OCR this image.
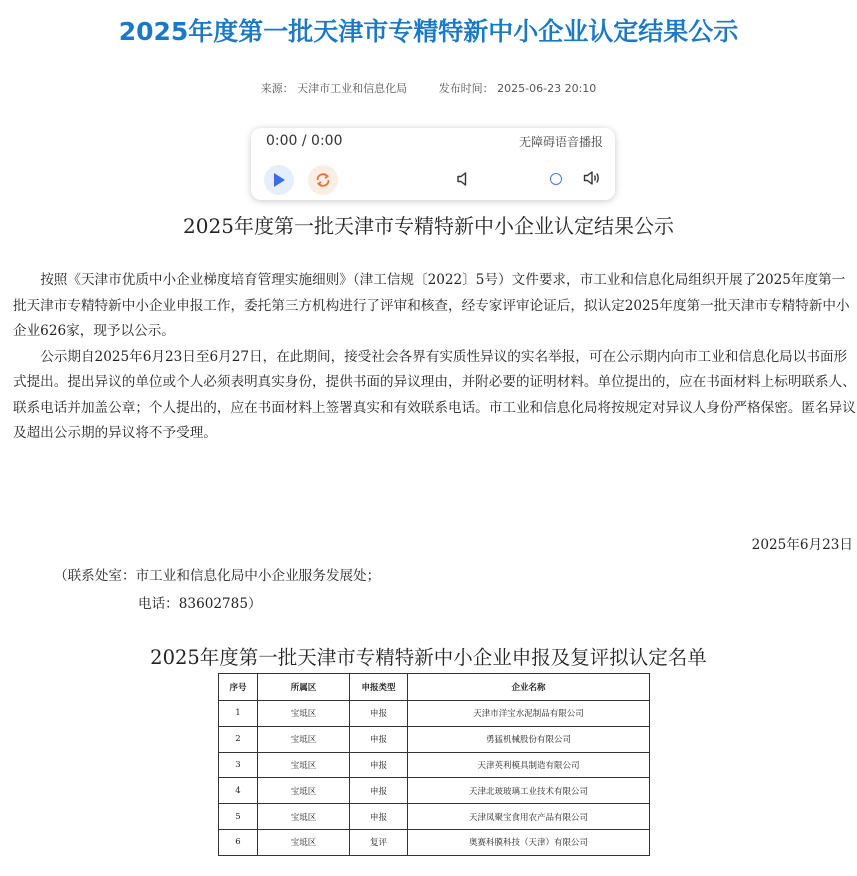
2025年度第一批天津市专精特新中小企业认定结果公示
来源： 天津市工业和信息化局	发布时间： 2025-06-23 20:10
0:00 / 0:00	无障碍语音播报
2025年度第一批天津市专精特新中小企业认定结果公示

按照《天津市优质中小企业梯度培育管理实施细则》（津工信规〔2022〕5号）文件要求，市工业和信息化局组织开展了2025年度第一批天津市专精特新中小企业申报工作，委托第三方机构进行了评审和核查，经专家评审论证后，拟认定2025年度第一批天津市专精特新中小企业626家，现予以公示。

公示期自2025年6月23日至6月27日，在此期间，接受社会各界有实质性异议的实名举报，可在公示期内向市工业和信息化局以书面形式提出。提出异议的单位或个人必须表明真实身份，提供书面的异议理由，并附必要的证明材料。单位提出的，应在书面材料上标明联系人、联系电话并加盖公章；个人提出的，应在书面材料上签署真实和有效联系电话。市工业和信息化局将按规定对异议人身份严格保密。匿名异议及超出公示期的异议将不予受理。

2025年6月23日
（联系处室：市工业和信息化局中小企业服务发展处；
电话：83602785）
2025年度第一批天津市专精特新中小企业申报及复评拟认定名单
序号	所属区	申报类型	企业名称
1	宝坻区	申报	天津市洋宝水泥制品有限公司
2	宝坻区	申报	勇猛机械股份有限公司
3	宝坻区	申报	天津英利模具制造有限公司
4	宝坻区	申报	天津北玻玻璃工业技术有限公司
5	宝坻区	申报	天津凤聚宝食用农产品有限公司
6	宝坻区	复评	奥赛科膜科技（天津）有限公司
